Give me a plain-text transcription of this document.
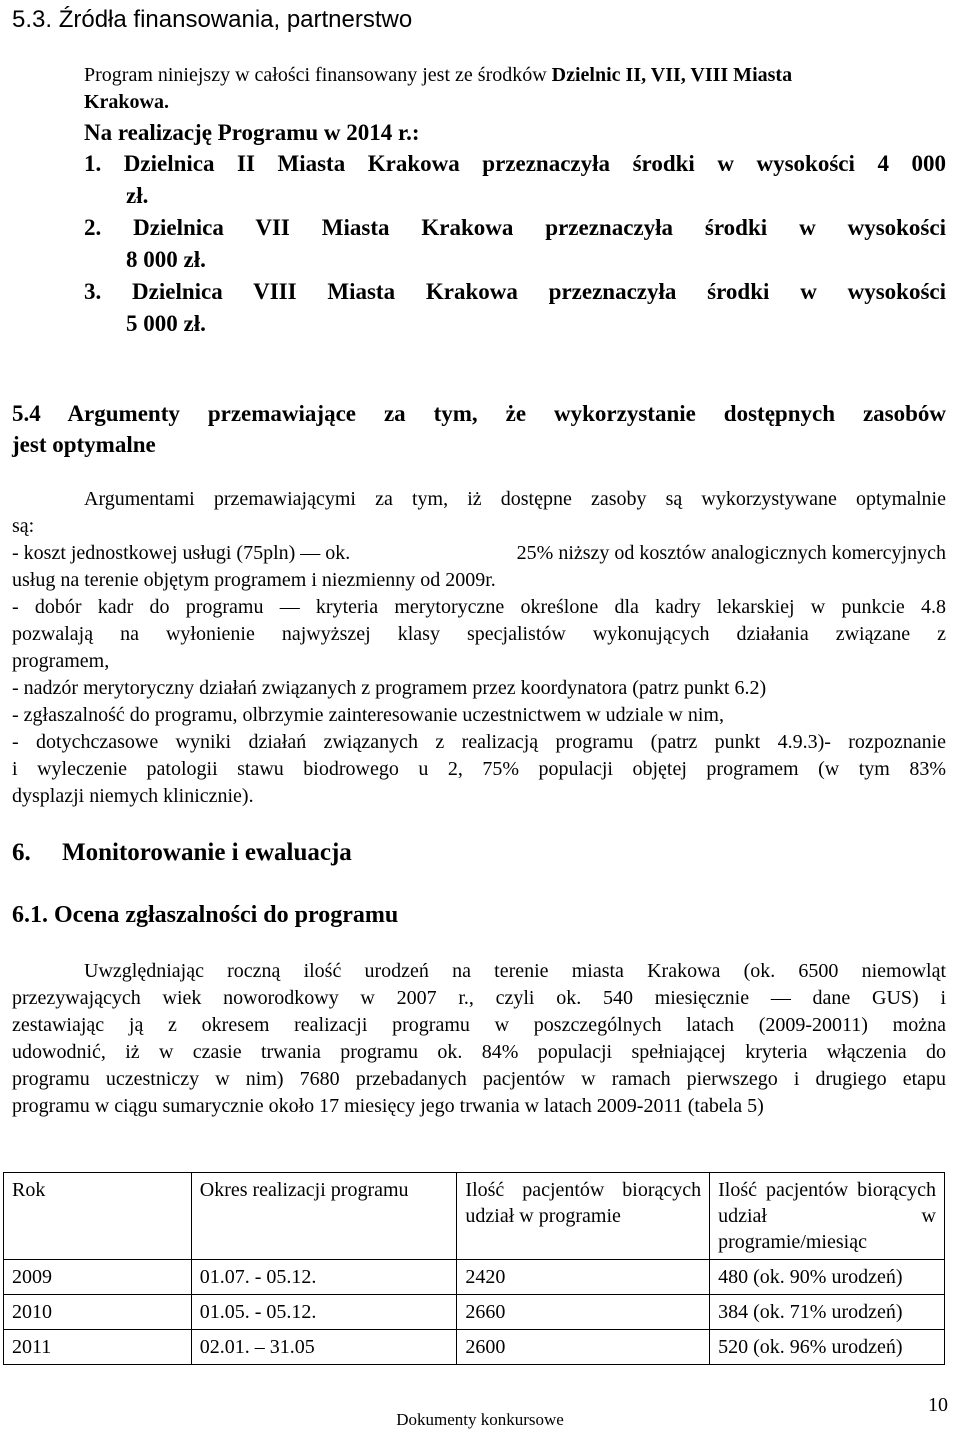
5.3. Źródła finansowania, partnerstwo
Program niniejszy w całości finansowany jest ze środków Dzielnic II, VII, VIII Miasta
Krakowa.
Na realizację Programu w 2014 r.:
1. Dzielnica II Miasta Krakowa przeznaczyła środki w wysokości 4 000
zł.
2. Dzielnica VII Miasta Krakowa przeznaczyła środki w wysokości
8 000 zł.
3. Dzielnica VIII Miasta Krakowa przeznaczyła środki w wysokości
5 000 zł.
5.4 Argumenty przemawiające za tym, że wykorzystanie dostępnych zasobów
jest optymalne
Argumentami przemawiającymi za tym, iż dostępne zasoby są wykorzystywane optymalnie
są:
- koszt jednostkowej usługi (75pln) — ok.	25% niższy od kosztów analogicznych komercyjnych
usług na terenie objętym programem i niezmienny od 2009r.
- dobór kadr do programu — kryteria merytoryczne określone dla kadry lekarskiej w punkcie 4.8
pozwalają na wyłonienie najwyższej klasy specjalistów wykonujących działania związane z
programem,
- nadzór merytoryczny działań związanych z programem przez koordynatora (patrz punkt 6.2)
- zgłaszalność do programu, olbrzymie zainteresowanie uczestnictwem w udziale w nim,
- dotychczasowe wyniki działań związanych z realizacją programu (patrz punkt 4.9.3)- rozpoznanie
i wyleczenie patologii stawu biodrowego u 2, 75% populacji objętej programem (w tym 83%
dysplazji niemych klinicznie).
6.     Monitorowanie i ewaluacja
6.1. Ocena zgłaszalności do programu
Uwzględniając roczną ilość urodzeń na terenie miasta Krakowa (ok. 6500 niemowląt
przezywających wiek noworodkowy w 2007 r., czyli ok. 540 miesięcznie — dane GUS) i
zestawiając ją z okresem realizacji programu w poszczególnych latach (2009-20011) można
udowodnić, iż w czasie trwania programu ok. 84% populacji spełniającej kryteria włączenia do
programu uczestniczy w nim) 7680 przebadanych pacjentów w ramach pierwszego i drugiego etapu
programu w ciągu sumarycznie około 17 miesięcy jego trwania w latach 2009-2011 (tabela 5)
Rok	Okres realizacji programu	Ilość pacjentów biorących udział w programie	Ilość pacjentów biorących udział w programie/miesiąc
2009	01.07. - 05.12.	2420	480 (ok. 90% urodzeń)
2010	01.05. - 05.12.	2660	384 (ok. 71% urodzeń)
2011	02.01. – 31.05	2600	520 (ok. 96% urodzeń)
Dokumenty konkursowe
10
